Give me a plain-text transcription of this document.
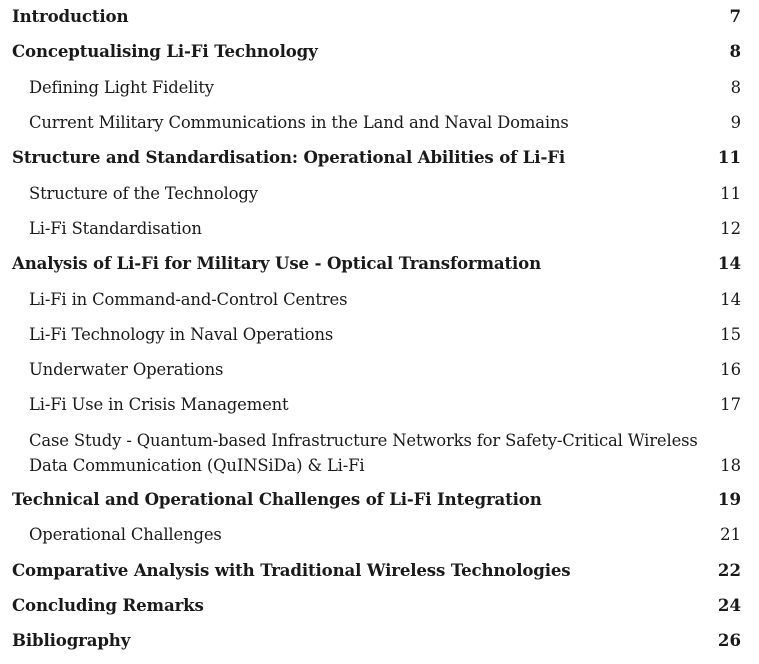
Introduction	7
Conceptualising Li-Fi Technology	8
Defining Light Fidelity	8
Current Military Communications in the Land and Naval Domains	9
Structure and Standardisation: Operational Abilities of Li-Fi	11
Structure of the Technology	11
Li-Fi Standardisation	12
Analysis of Li-Fi for Military Use - Optical Transformation	14
Li-Fi in Command-and-Control Centres	14
Li-Fi Technology in Naval Operations	15
Underwater Operations	16
Li-Fi Use in Crisis Management	17
Case Study - Quantum-based Infrastructure Networks for Safety-Critical Wireless Data Communication (QuINSiDa) & Li-Fi	18
Technical and Operational Challenges of Li-Fi Integration	19
Operational Challenges	21
Comparative Analysis with Traditional Wireless Technologies	22
Concluding Remarks	24
Bibliography	26
